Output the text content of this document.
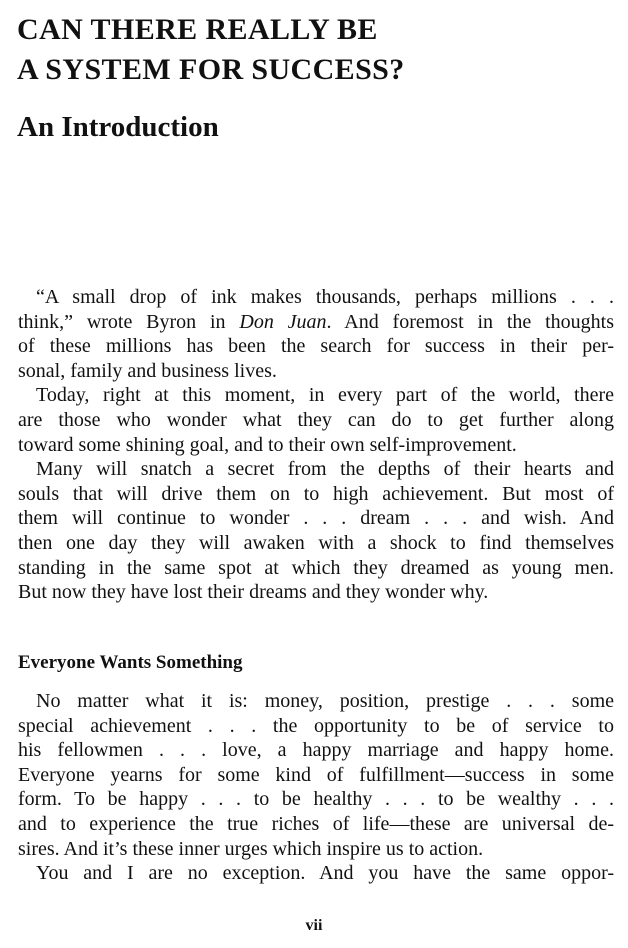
CAN THERE REALLY BE
A SYSTEM FOR SUCCESS?
An Introduction
“A small drop of ink makes thousands, perhaps millions . . .
think,” wrote Byron in Don Juan. And foremost in the thoughts
of these millions has been the search for success in their per-
sonal, family and business lives.
Today, right at this moment, in every part of the world, there
are those who wonder what they can do to get further along
toward some shining goal, and to their own self-improvement.
Many will snatch a secret from the depths of their hearts and
souls that will drive them on to high achievement. But most of
them will continue to wonder . . . dream . . . and wish. And
then one day they will awaken with a shock to find themselves
standing in the same spot at which they dreamed as young men.
But now they have lost their dreams and they wonder why.
Everyone Wants Something
No matter what it is: money, position, prestige . . . some
special achievement . . . the opportunity to be of service to
his fellowmen . . . love, a happy marriage and happy home.
Everyone yearns for some kind of fulfillment—success in some
form. To be happy . . . to be healthy . . . to be wealthy . . .
and to experience the true riches of life—these are universal de-
sires. And it’s these inner urges which inspire us to action.
You and I are no exception. And you have the same oppor-
vii
